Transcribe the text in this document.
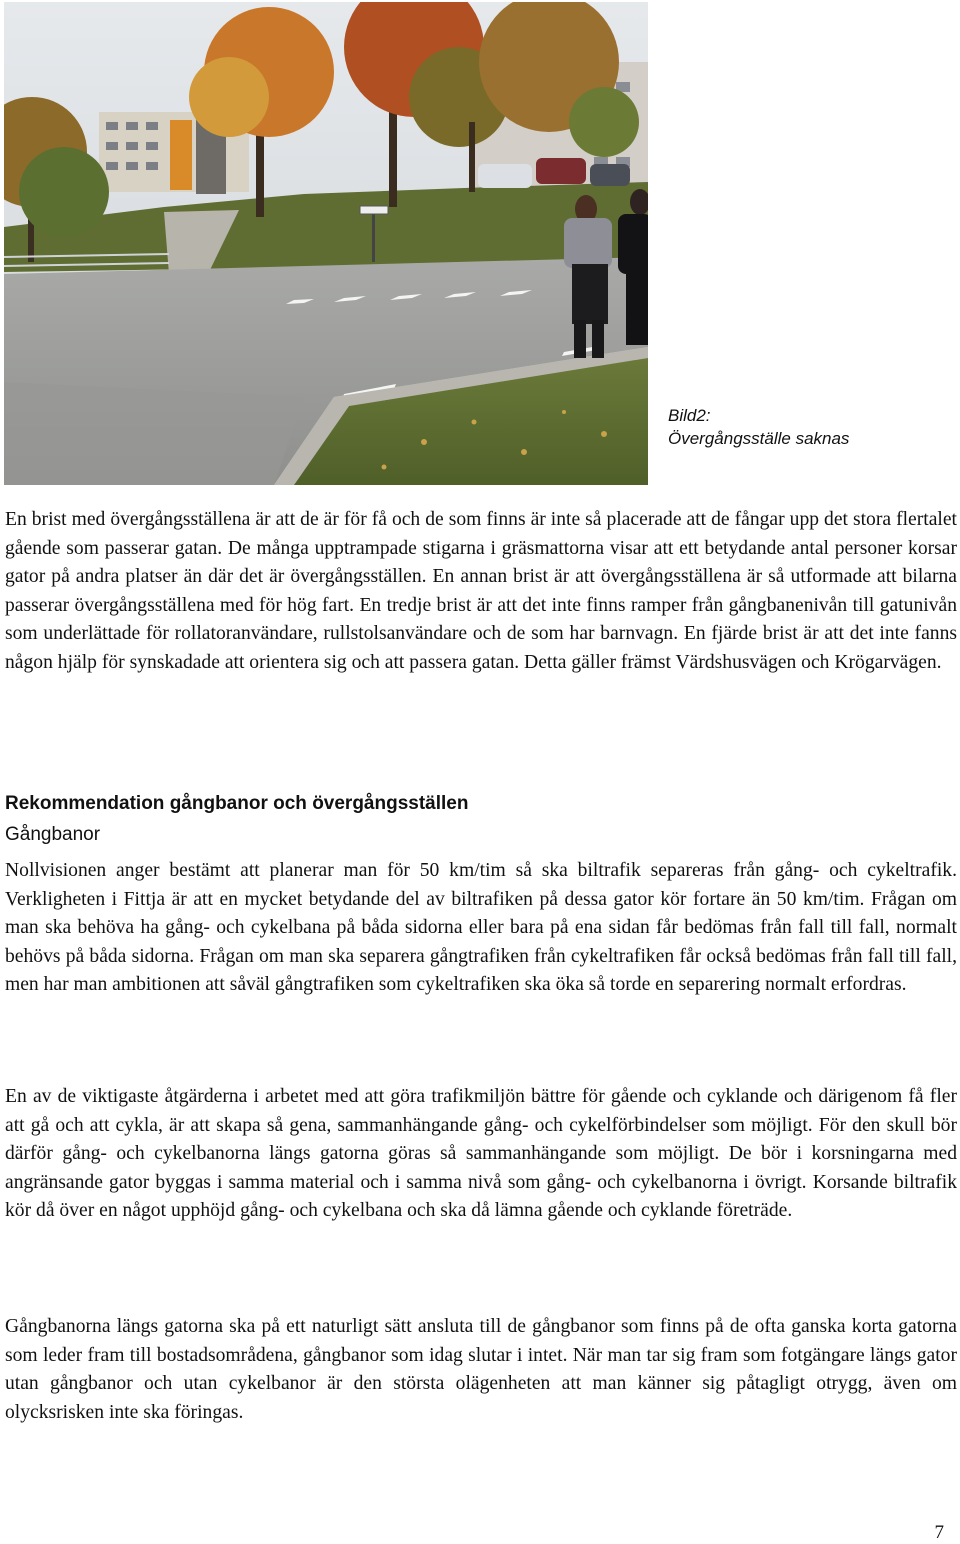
Bild2:
Övergångsställe saknas

En brist med övergångsställena är att de är för få och de som finns är inte så placerade att de fångar upp det stora flertalet gående som passerar gatan. De många upptrampade stigarna i gräsmattorna visar att ett betydande antal personer korsar gator på andra platser än där det är övergångsställen. En annan brist är att övergångsställena är så utformade att bilarna passerar övergångsställena med för hög fart. En tredje brist är att det inte finns ramper från gångbanenivån till gatunivån som underlättade för rollatoranvändare, rullstolsanvändare och de som har barnvagn. En fjärde brist är att det inte fanns någon hjälp för synskadade att orientera sig och att passera gatan. Detta gäller främst Värdshusvägen och Krögarvägen.

Rekommendation gångbanor och övergångsställen
Gångbanor

Nollvisionen anger bestämt att planerar man för 50 km/tim så ska biltrafik separeras från gång- och cykeltrafik. Verkligheten i Fittja är att en mycket betydande del av biltrafiken på dessa gator kör fortare än 50 km/tim. Frågan om man ska behöva ha gång- och cykelbana på båda sidorna eller bara på ena sidan får bedömas från fall till fall, normalt behövs på båda sidorna. Frågan om man ska separera gångtrafiken från cykeltrafiken får också bedömas från fall till fall, men har man ambitionen att såväl gångtrafiken som cykeltrafiken ska öka så torde en separering normalt erfordras.

En av de viktigaste åtgärderna i arbetet med att göra trafikmiljön bättre för gående och cyklande och därigenom få fler att gå och att cykla, är att skapa så gena, sammanhängande gång- och cykelförbindelser som möjligt. För den skull bör därför gång- och cykelbanorna längs gatorna göras så sammanhängande som möjligt. De bör i korsningarna med angränsande gator byggas i samma material och i samma nivå som gång- och cykelbanorna i övrigt. Korsande biltrafik kör då över en något upphöjd gång- och cykelbana och ska då lämna gående och cyklande företräde.

Gångbanorna längs gatorna ska på ett naturligt sätt ansluta till de gångbanor som finns på de ofta ganska korta gatorna som leder fram till bostadsområdena, gångbanor som idag slutar i intet. När man tar sig fram som fotgängare längs gator utan gångbanor och utan cykelbanor är den största olägenheten att man känner sig påtagligt otrygg, även om olycksrisken inte ska föringas.

7
